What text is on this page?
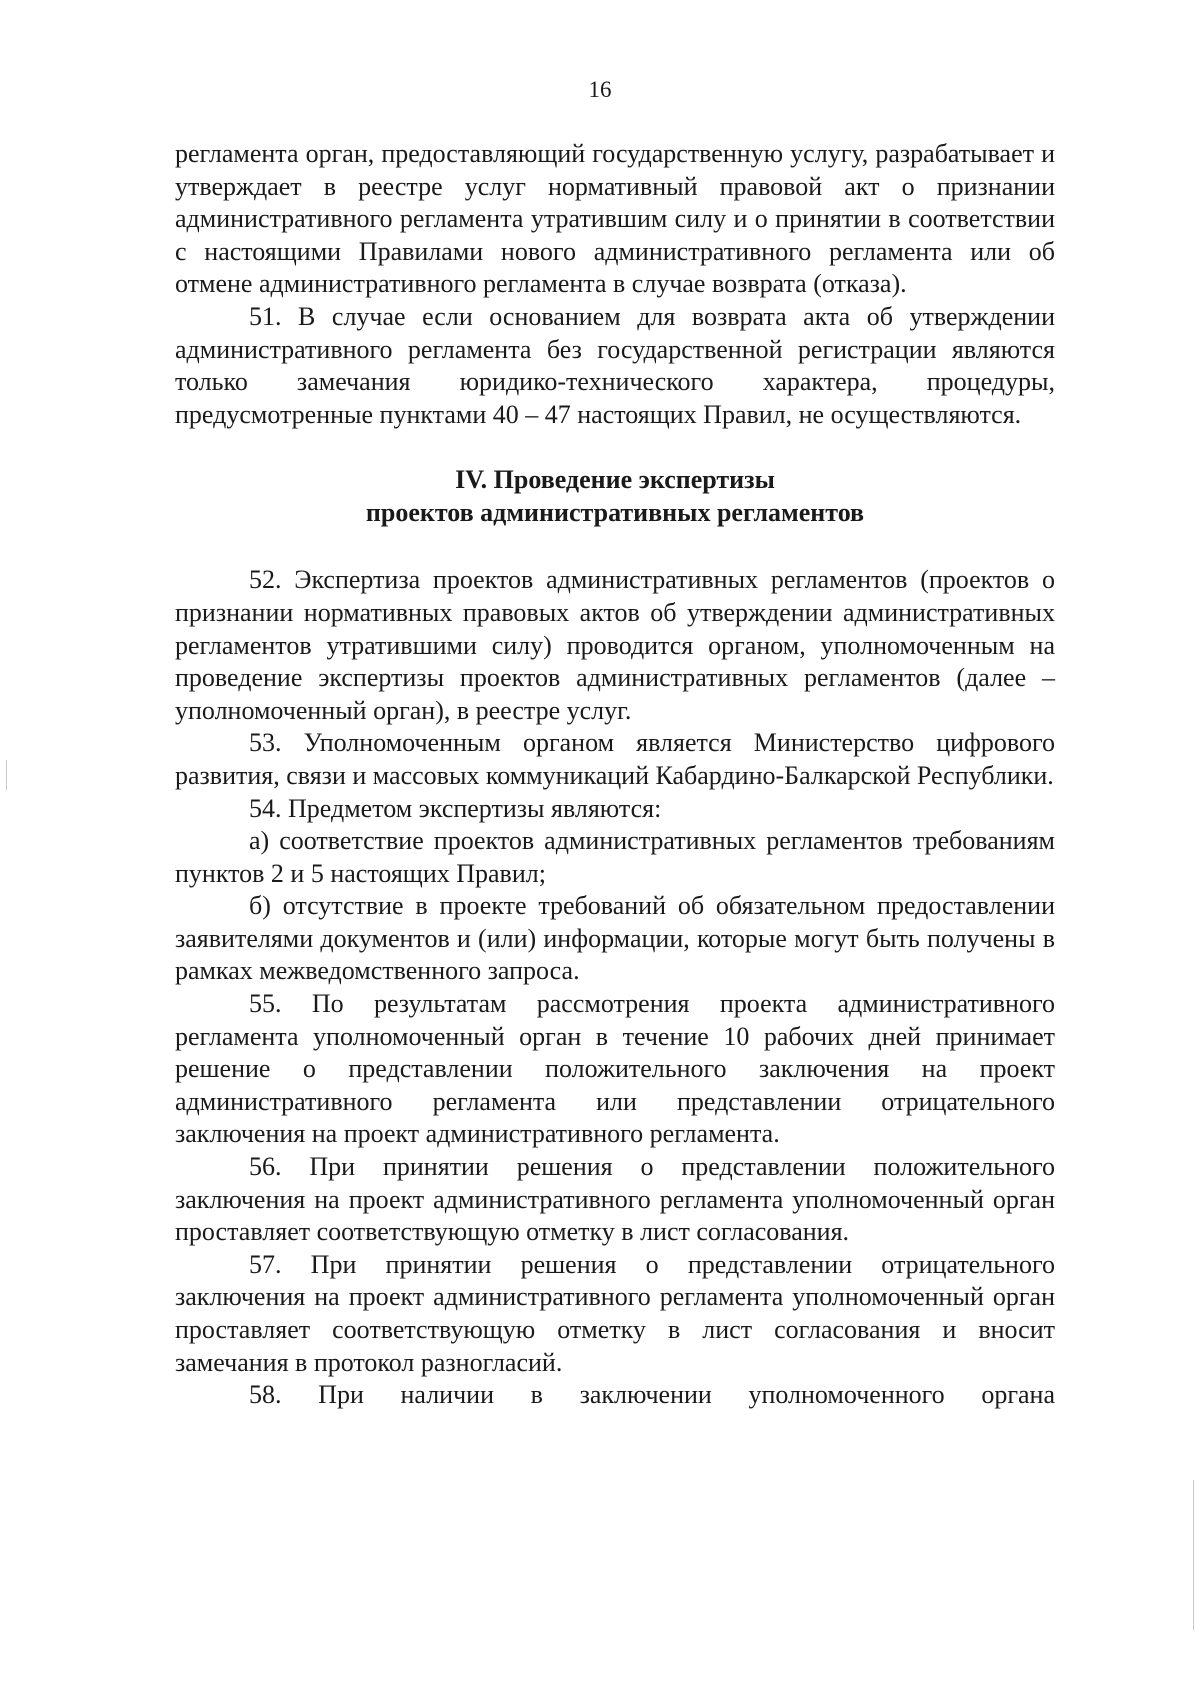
16

регламента орган, предоставляющий государственную услугу, разрабатывает и утверждает в реестре услуг нормативный правовой акт о признании административного регламента утратившим силу и о принятии в соответствии с настоящими Правилами нового административного регламента или об отмене административного регламента в случае возврата (отказа).

51. В случае если основанием для возврата акта об утверждении административного регламента без государственной регистрации являются только замечания юридико-технического характера, процедуры, предусмотренные пунктами 40 – 47 настоящих Правил, не осуществляются.

IV. Проведение экспертизы
проектов административных регламентов

52. Экспертиза проектов административных регламентов (проектов о признании нормативных правовых актов об утверждении административных регламентов утратившими силу) проводится органом, уполномоченным на проведение экспертизы проектов административных регламентов (далее – уполномоченный орган), в реестре услуг.

53. Уполномоченным органом является Министерство цифрового развития, связи и массовых коммуникаций Кабардино-Балкарской Республики.

54. Предметом экспертизы являются:

а) соответствие проектов административных регламентов требованиям пунктов 2 и 5 настоящих Правил;

б) отсутствие в проекте требований об обязательном предоставлении заявителями документов и (или) информации, которые могут быть получены в рамках межведомственного запроса.

55. По результатам рассмотрения проекта административного регламента уполномоченный орган в течение 10 рабочих дней принимает решение о представлении положительного заключения на проект административного регламента или представлении отрицательного заключения на проект административного регламента.

56. При принятии решения о представлении положительного заключения на проект административного регламента уполномоченный орган проставляет соответствующую отметку в лист согласования.

57. При принятии решения о представлении отрицательного заключения на проект административного регламента уполномоченный орган проставляет соответствующую отметку в лист согласования и вносит замечания в протокол разногласий.

58. При наличии в заключении уполномоченного органа
